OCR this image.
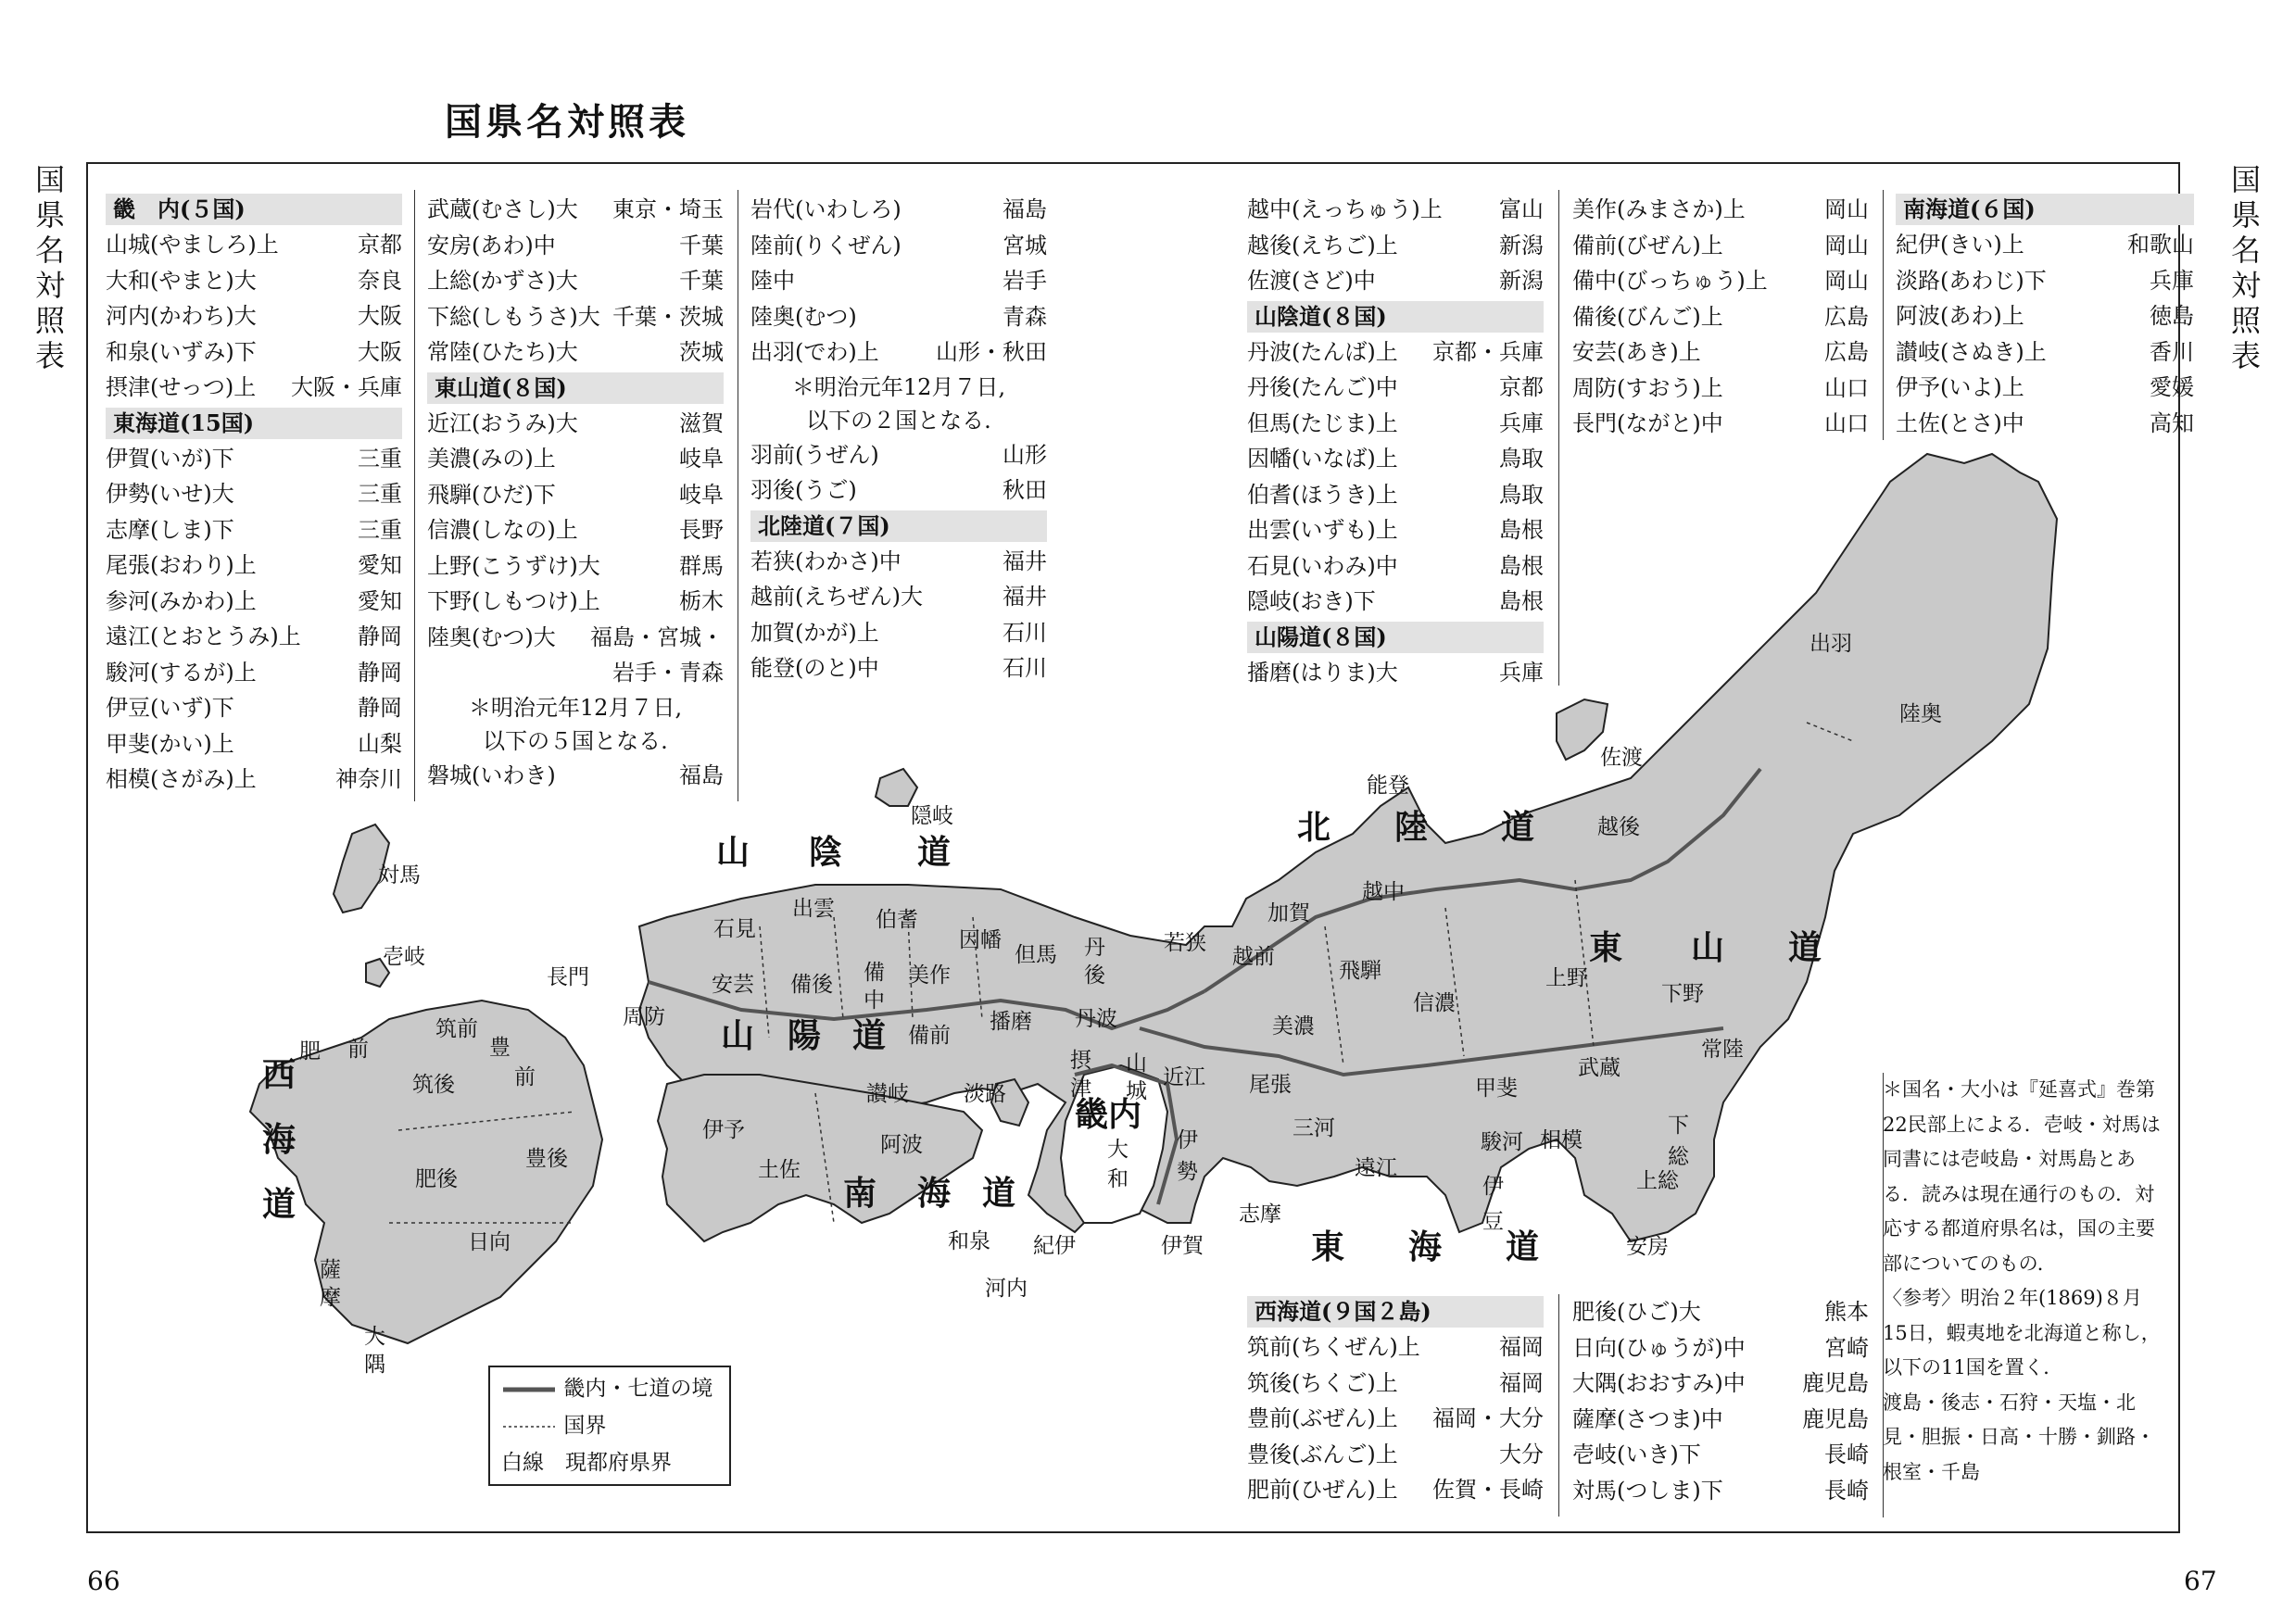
国県名対照表
国県名対照表
国県名対照表
66	67
山 陰 道
北 陸 道
東 山 道
山 陽 道
南 海 道
東 海 道
西
海
道
畿内
対馬
壱岐
隠岐
佐渡
出羽
陸奥
越後
能登
越中
加賀
越前
若狭
飛騨
信濃
上野
下野
常陸
武蔵
甲斐
駿河 相模
伊
豆
下
総
上総
安房
遠江
三河
尾張
美濃
近江
伊
勢
志摩
伊賀
山
城
大
和
摂
津
河内
和泉 紀伊
丹波
丹
後
但馬
因幡
伯耆
出雲
石見
長門
周防
安芸 備後 備
中
美作
備前
播磨
淡路
讃岐
伊予
阿波
土佐
筑前
筑後
豊
前
豊後
肥 前
肥後
日向
薩
摩
大
隅
畿　内(５国)
山城(やましろ)上	京都
大和(やまと)大	奈良
河内(かわち)大	大阪
和泉(いずみ)下	大阪
摂津(せっつ)上 大阪・兵庫
東海道(15国)
伊賀(いが)下	三重
伊勢(いせ)大	三重
志摩(しま)下	三重
尾張(おわり)上	愛知
参河(みかわ)上	愛知
遠江(とおとうみ)上	静岡
駿河(するが)上	静岡
伊豆(いず)下	静岡
甲斐(かい)上	山梨
相模(さがみ)上	神奈川
武蔵(むさし)大 東京・埼玉
安房(あわ)中	千葉
上総(かずさ)大	千葉
下総(しもうさ)大 千葉・茨城
常陸(ひたち)大	茨城
東山道(８国)
近江(おうみ)大	滋賀
美濃(みの)上	岐阜
飛騨(ひだ)下	岐阜
信濃(しなの)上	長野
上野(こうずけ)大	群馬
下野(しもつけ)上	栃木
陸奥(むつ)大 福島・宮城・
岩手・青森
＊明治元年12月７日,
以下の５国となる.
磐城(いわき)	福島
岩代(いわしろ)	福島
陸前(りくぜん)	宮城
陸中	岩手
陸奥(むつ)	青森
出羽(でわ)上	山形・秋田
＊明治元年12月７日,
以下の２国となる.
羽前(うぜん)	山形
羽後(うご)	秋田
北陸道(７国)
若狭(わかさ)中	福井
越前(えちぜん)大	福井
加賀(かが)上	石川
能登(のと)中	石川
越中(えっちゅう)上	富山
越後(えちご)上	新潟
佐渡(さど)中	新潟
山陰道(８国)
丹波(たんば)上 京都・兵庫
丹後(たんご)中	京都
但馬(たじま)上	兵庫
因幡(いなば)上	鳥取
伯耆(ほうき)上	鳥取
出雲(いずも)上	島根
石見(いわみ)中	島根
隠岐(おき)下	島根
山陽道(８国)
播磨(はりま)大	兵庫
美作(みまさか)上	岡山
備前(びぜん)上	岡山
備中(びっちゅう)上	岡山
備後(びんご)上	広島
安芸(あき)上	広島
周防(すおう)上	山口
長門(ながと)中	山口
南海道(６国)
紀伊(きい)上	和歌山
淡路(あわじ)下	兵庫
阿波(あわ)上	徳島
讃岐(さぬき)上	香川
伊予(いよ)上	愛媛
土佐(とさ)中	高知
西海道(９国２島)
筑前(ちくぜん)上	福岡
筑後(ちくご)上	福岡
豊前(ぶぜん)上 福岡・大分
豊後(ぶんご)上	大分
肥前(ひぜん)上 佐賀・長崎
肥後(ひご)大	熊本
日向(ひゅうが)中	宮崎
大隅(おおすみ)中	鹿児島
薩摩(さつま)中	鹿児島
壱岐(いき)下	長崎
対馬(つしま)下	長崎

＊国名・大小は『延喜式』巻第22民部上による．壱岐・対馬は同書には壱岐島・対馬島とある．読みは現在通行のもの．対応する都道府県名は，国の主要部についてのもの．

〈参考〉明治２年(1869)８月15日，蝦夷地を北海道と称し，以下の11国を置く．

渡島・後志・石狩・天塩・北見・胆振・日高・十勝・釧路・根室・千島

畿内・七道の境
国界
白線　現都府県界
